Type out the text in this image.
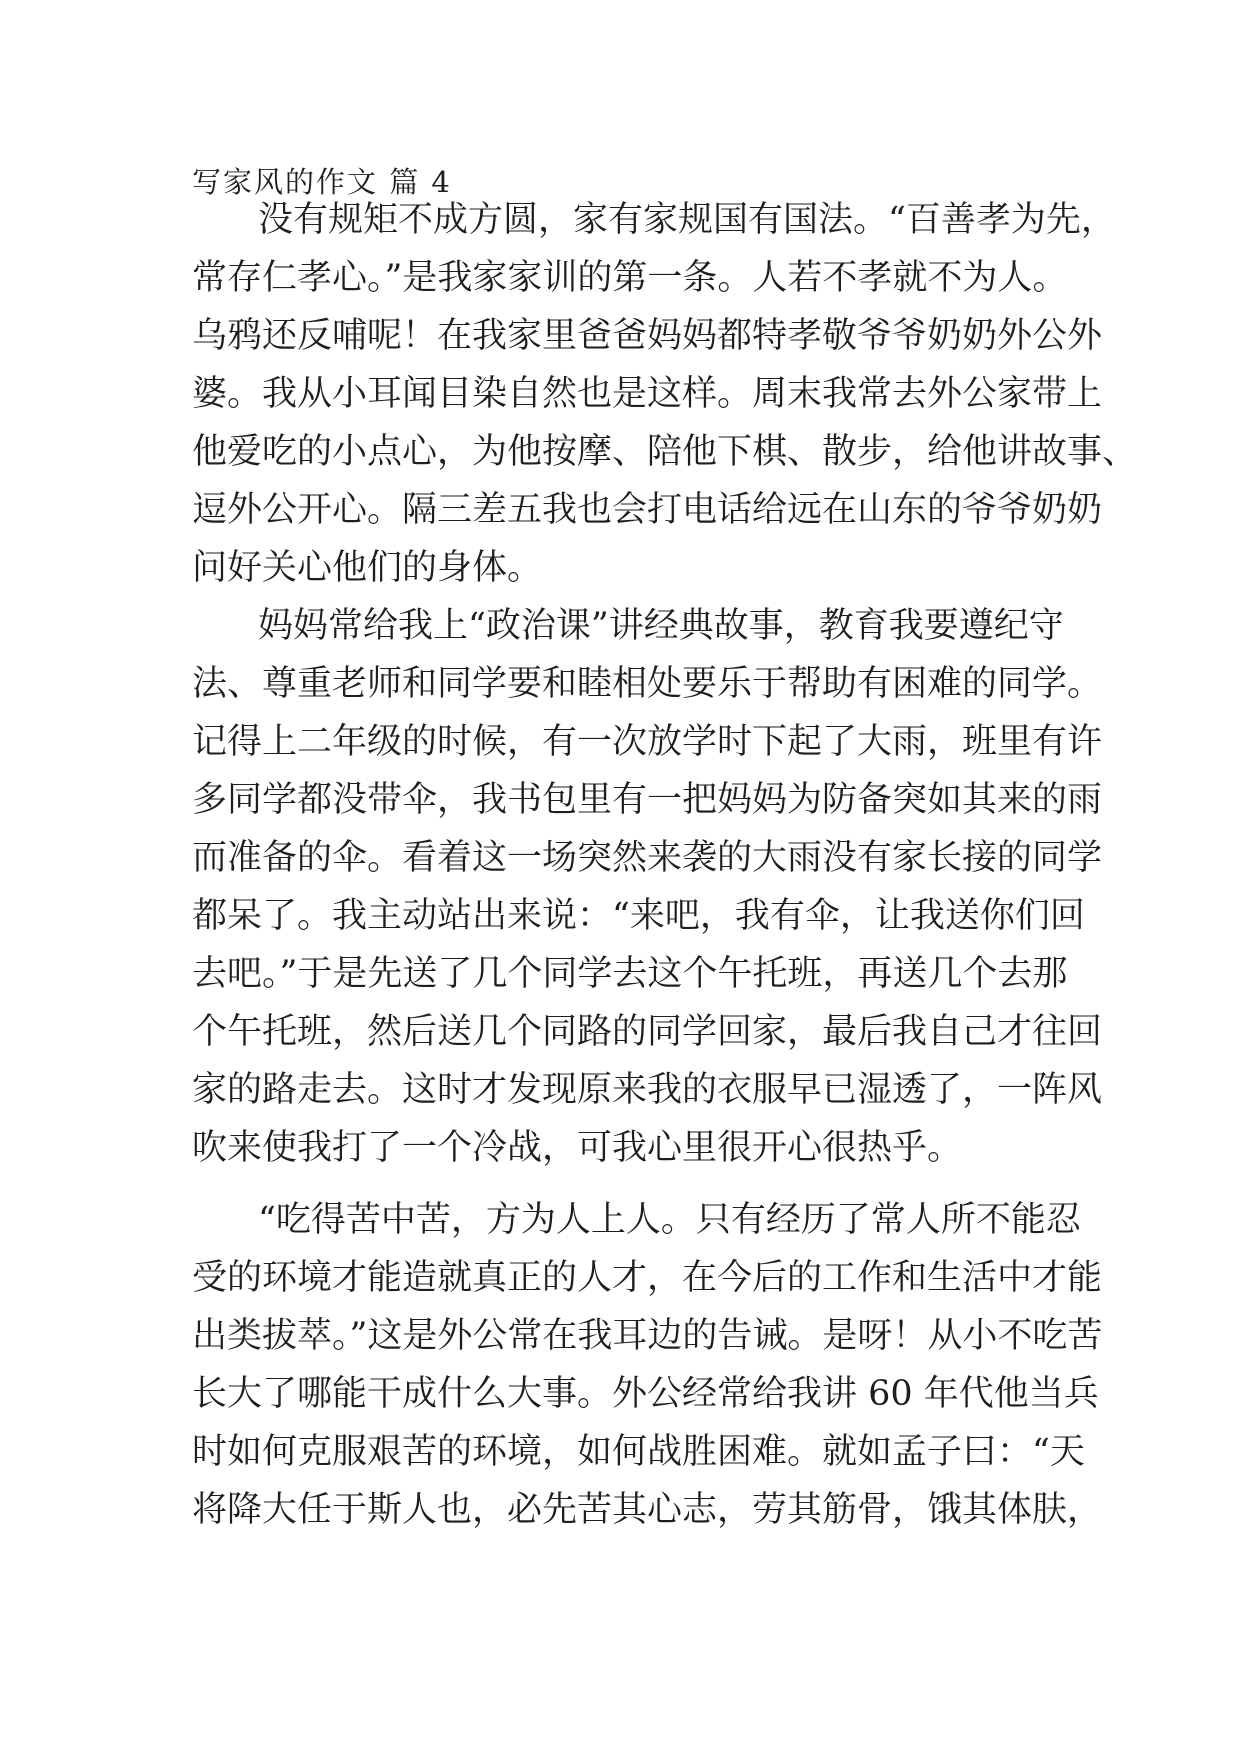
写家风的作文 篇 4
没有规矩不成方圆，家有家规国有国法。“百善孝为先，
常存仁孝心。”是我家家训的第一条。人若不孝就不为人。
乌鸦还反哺呢！在我家里爸爸妈妈都特孝敬爷爷奶奶外公外
婆。我从小耳闻目染自然也是这样。周末我常去外公家带上
他爱吃的小点心，为他按摩、陪他下棋、散步，给他讲故事、
逗外公开心。隔三差五我也会打电话给远在山东的爷爷奶奶
问好关心他们的身体。
妈妈常给我上“政治课”讲经典故事，教育我要遵纪守
法、尊重老师和同学要和睦相处要乐于帮助有困难的同学。
记得上二年级的时候，有一次放学时下起了大雨，班里有许
多同学都没带伞，我书包里有一把妈妈为防备突如其来的雨
而准备的伞。看着这一场突然来袭的大雨没有家长接的同学
都呆了。我主动站出来说：“来吧，我有伞，让我送你们回
去吧。”于是先送了几个同学去这个午托班，再送几个去那
个午托班，然后送几个同路的同学回家，最后我自己才往回
家的路走去。这时才发现原来我的衣服早已湿透了，一阵风
吹来使我打了一个冷战，可我心里很开心很热乎。
“吃得苦中苦，方为人上人。只有经历了常人所不能忍
受的环境才能造就真正的人才，在今后的工作和生活中才能
出类拔萃。”这是外公常在我耳边的告诫。是呀！从小不吃苦
长大了哪能干成什么大事。外公经常给我讲 60 年代他当兵
时如何克服艰苦的环境，如何战胜困难。就如孟子曰：“天
将降大任于斯人也，必先苦其心志，劳其筋骨，饿其体肤，
